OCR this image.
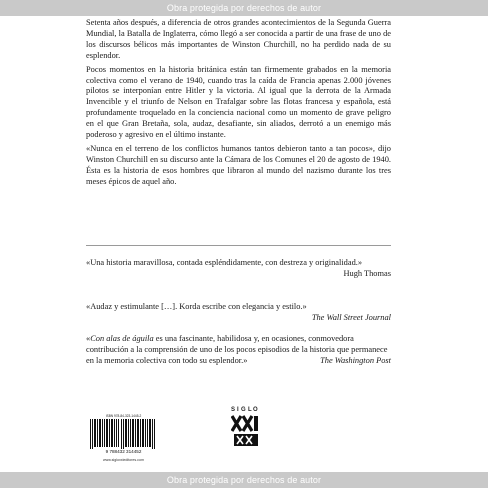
Obra protegida por derechos de autor

Setenta años después, a diferencia de otros grandes acontecimientos de la Segunda Guerra Mundial, la Batalla de Inglaterra, cómo llegó a ser conocida a partir de una frase de uno de los discursos bélicos más importantes de Winston Churchill, no ha perdido nada de su esplendor.

Pocos momentos en la historia británica están tan firmemente grabados en la memoria colectiva como el verano de 1940, cuando tras la caída de Francia apenas 2.000 jóvenes pilotos se interponían entre Hitler y la victoria. Al igual que la derrota de la Armada Invencible y el triunfo de Nelson en Trafalgar sobre las flotas francesa y española, está profundamente troquelado en la conciencia nacional como un momento de grave peligro en el que Gran Bretaña, sola, audaz, desafiante, sin aliados, derrotó a un enemigo más poderoso y agresivo en el último instante.

«Nunca en el terreno de los conflictos humanos tantos debieron tanto a tan pocos», dijo Winston Churchill en su discurso ante la Cámara de los Comunes el 20 de agosto de 1940. Ésta es la historia de esos hombres que libraron al mundo del nazismo durante los tres meses épicos de aquel año.

«Una historia maravillosa, contada espléndidamente, con destreza y originalidad.»

Hugh Thomas

«Audaz y estimulante […]. Korda escribe con elegancia y estilo.»

The Wall Street Journal

«Con alas de águila es una fascinante, habilidosa y, en ocasiones, conmovedora contribución a la comprensión de uno de los pocos episodios de la historia que permanece en la memoria colectiva con todo su esplendor.»	The Washington Post

S I G L O
ISBN 978-84-323-1445-2
9 788432 314452
www.sigloxxieditores.com
Obra protegida por derechos de autor
